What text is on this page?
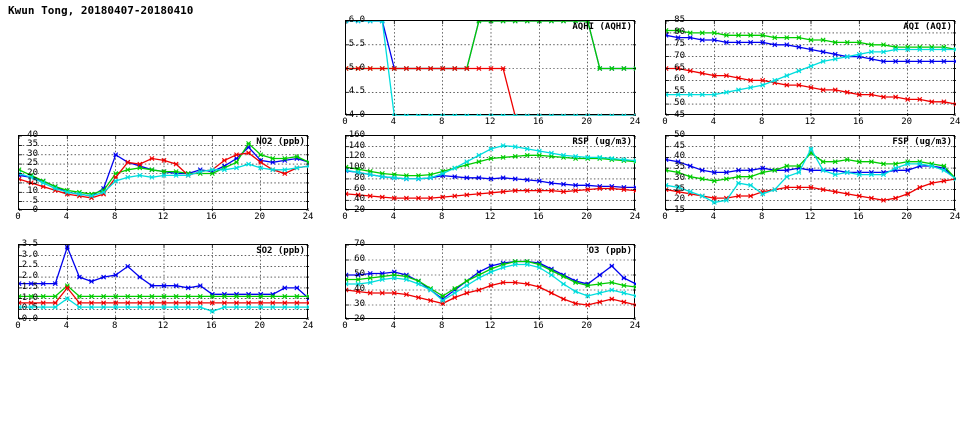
Kwun Tong, 20180407-20180410
NO2 (ppb)
0	4	8	12	16	20	24
0
5
10
15
20
25
30
35
40
SO2 (ppb)
0	4	8	12	16	20	24
0.0
0.5
1.0
1.5
2.0
2.5
3.0
3.5
AQHI (AQHI)
0	4	8	12	16	20	24
4.0
4.5
5.0
5.5
6.0
RSP (ug/m3)
0	4	8	12	16	20	24
20
40
60
80
100
120
140
160
O3 (ppb)
0	4	8	12	16	20	24
20
30
40
50
60
70
AQI (AQI)
0	4	8	12	16	20	24
45
50
55
60
65
70
75
80
85
FSP (ug/m3)
0	4	8	12	16	20	24
15
20
25
30
35
40
45
50
